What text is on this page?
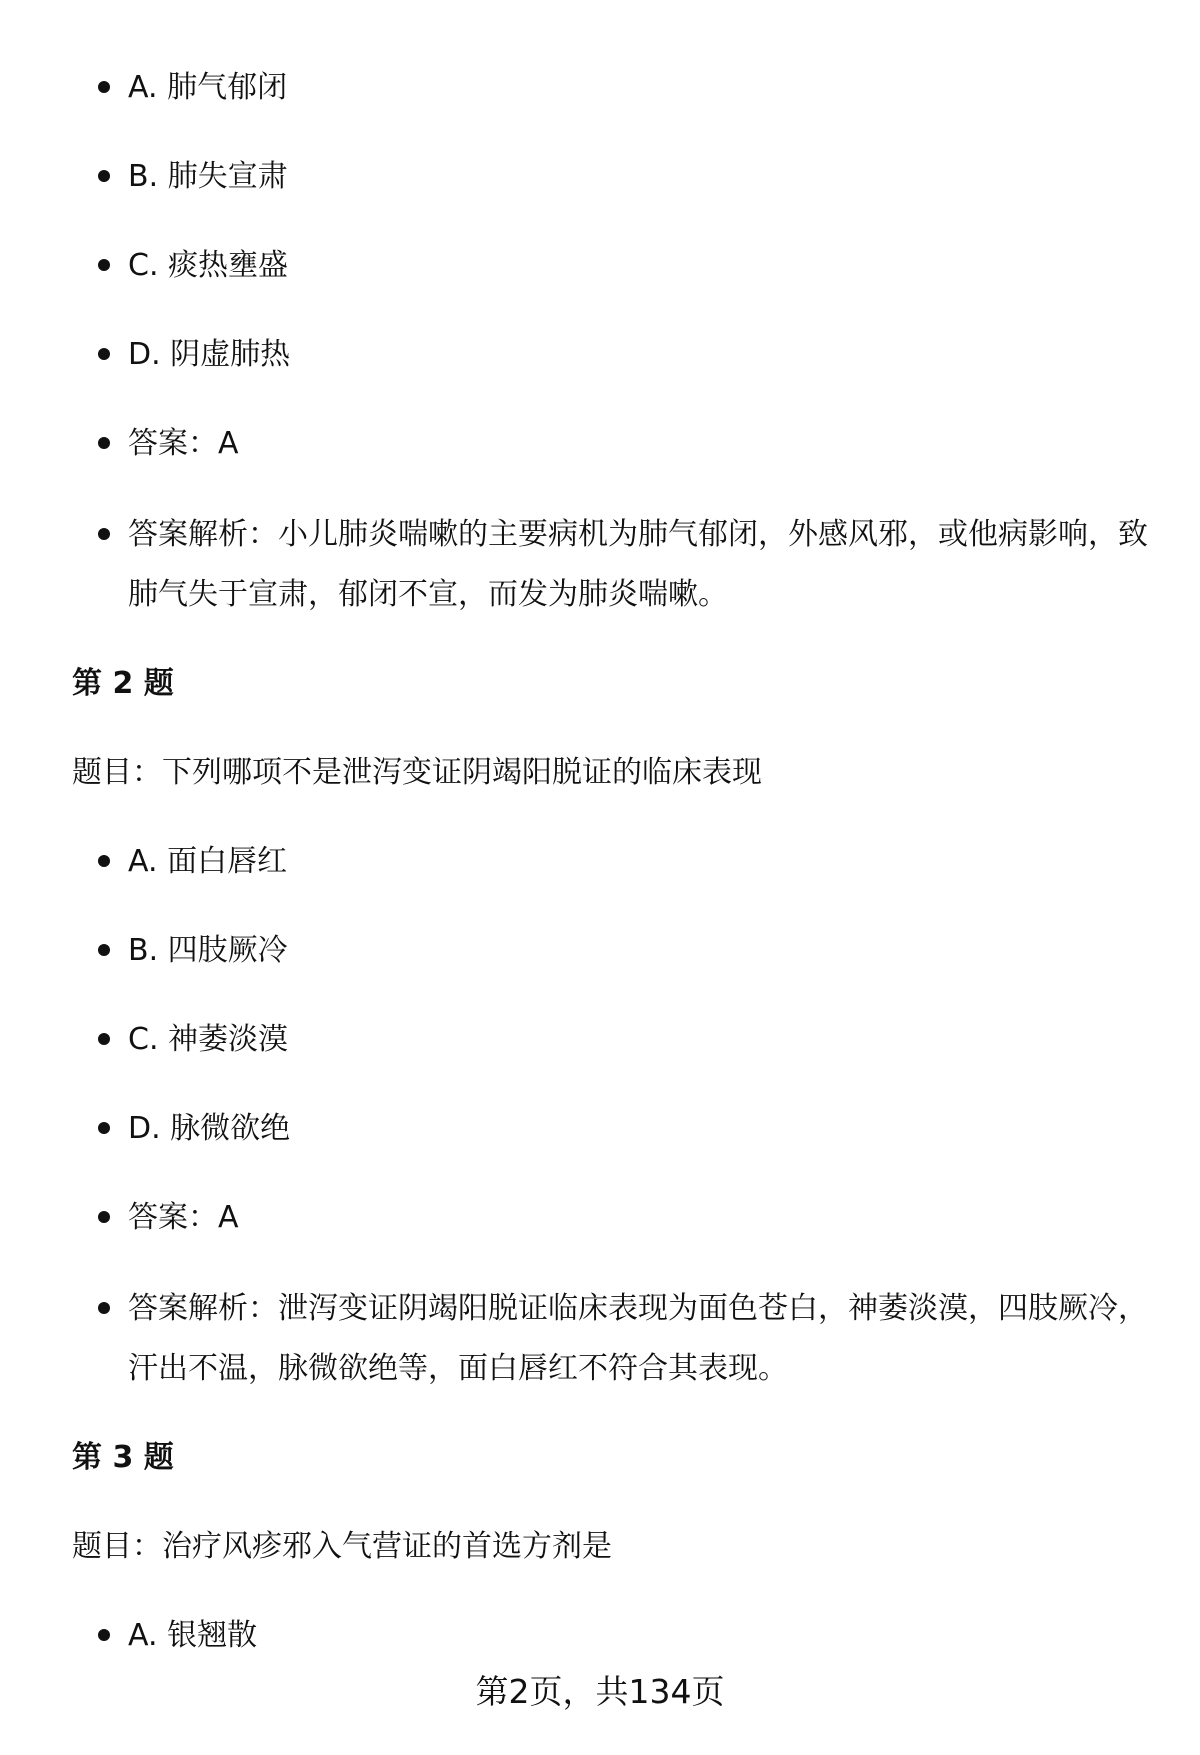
A. 肺气郁闭
B. 肺失宣肃
C. 痰热壅盛
D. 阴虚肺热
答案：A
答案解析：小儿肺炎喘嗽的主要病机为肺气郁闭，外感风邪，或他病影响，致肺气失于宣肃，郁闭不宣，而发为肺炎喘嗽。
第 2 题
题目：下列哪项不是泄泻变证阴竭阳脱证的临床表现
A. 面白唇红
B. 四肢厥冷
C. 神萎淡漠
D. 脉微欲绝
答案：A
答案解析：泄泻变证阴竭阳脱证临床表现为面色苍白，神萎淡漠，四肢厥冷，汗出不温，脉微欲绝等，面白唇红不符合其表现。
第 3 题
题目：治疗风疹邪入气营证的首选方剂是
A. 银翘散
第2页，共134页
